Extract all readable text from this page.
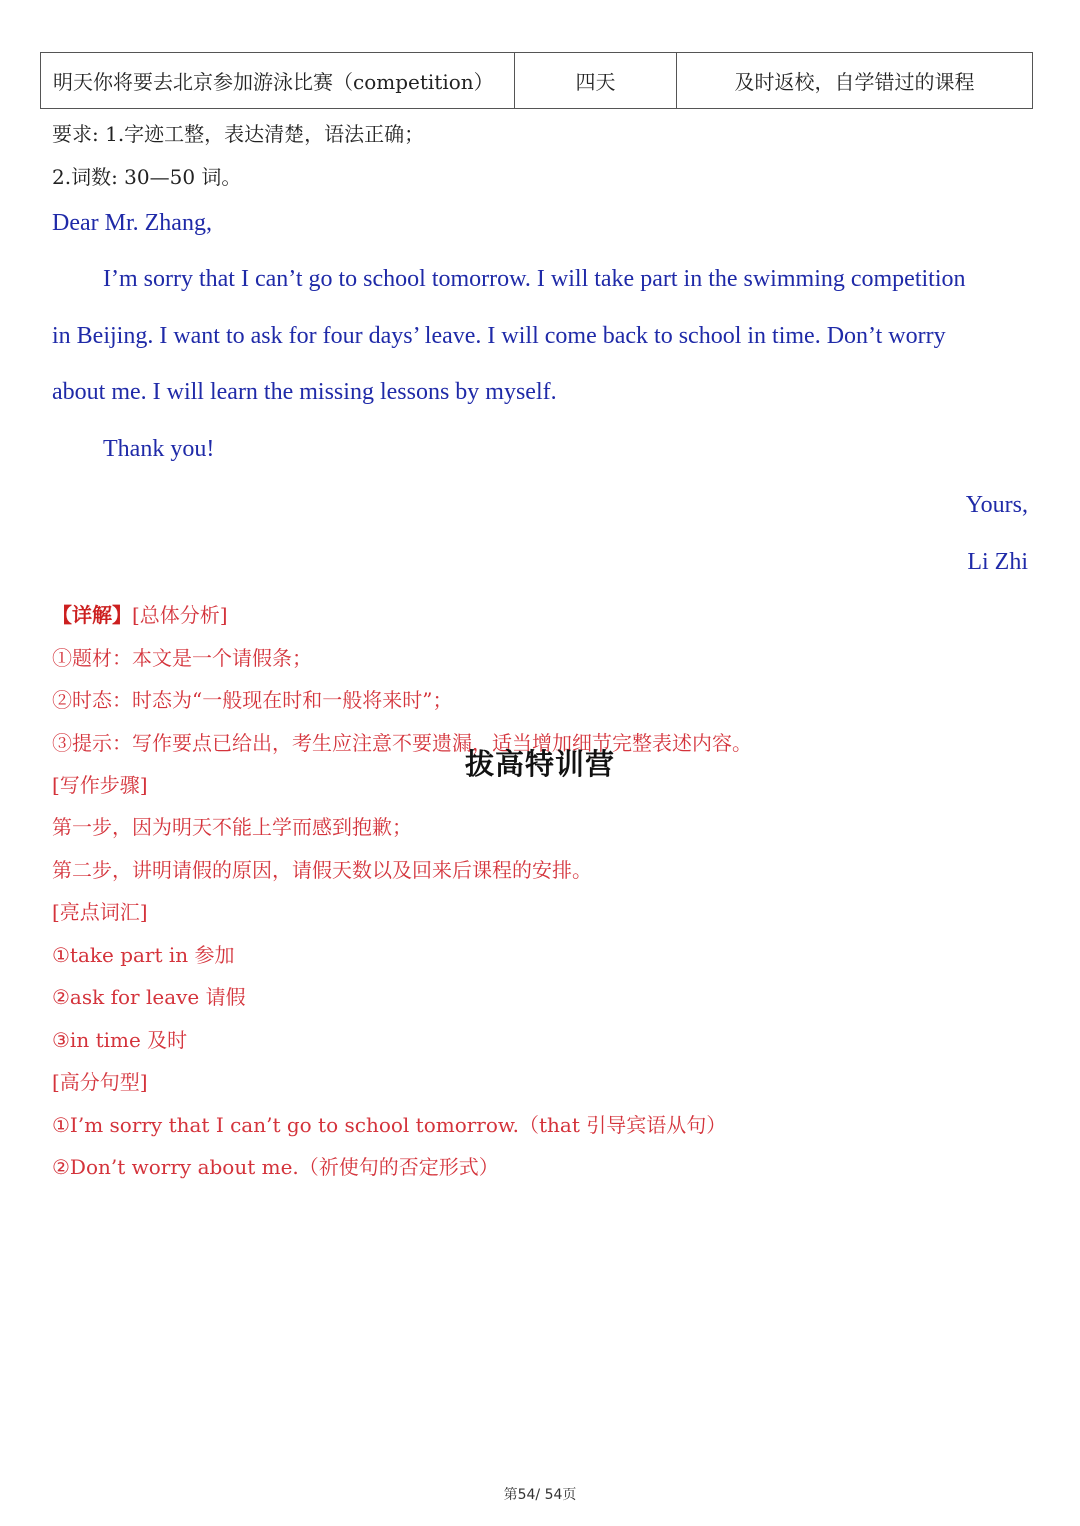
明天你将要去北京参加游泳比赛（competition）	四天	及时返校，自学错过的课程
要求: 1.字迹工整，表达清楚，语法正确；
2.词数: 30—50 词。
Dear Mr. Zhang,
I’m sorry that I can’t go to school tomorrow. I will take part in the swimming competition
in Beijing. I want to ask for four days’ leave. I will come back to school in time. Don’t worry
about me. I will learn the missing lessons by myself.
Thank you!
Yours,
Li Zhi
【详解】[总体分析]
①题材：本文是一个请假条；
②时态：时态为“一般现在时和一般将来时”；
③提示：写作要点已给出，考生应注意不要遗漏，适当增加细节完整表述内容。
[写作步骤]
第一步，因为明天不能上学而感到抱歉；
第二步，讲明请假的原因，请假天数以及回来后课程的安排。
[亮点词汇]
①take part in 参加
②ask for leave 请假
③in time 及时
[高分句型]
①I’m sorry that I can’t go to school tomorrow.（that 引导宾语从句）
②Don’t worry about me.（祈使句的否定形式）
拔高特训营
第54/ 54页
